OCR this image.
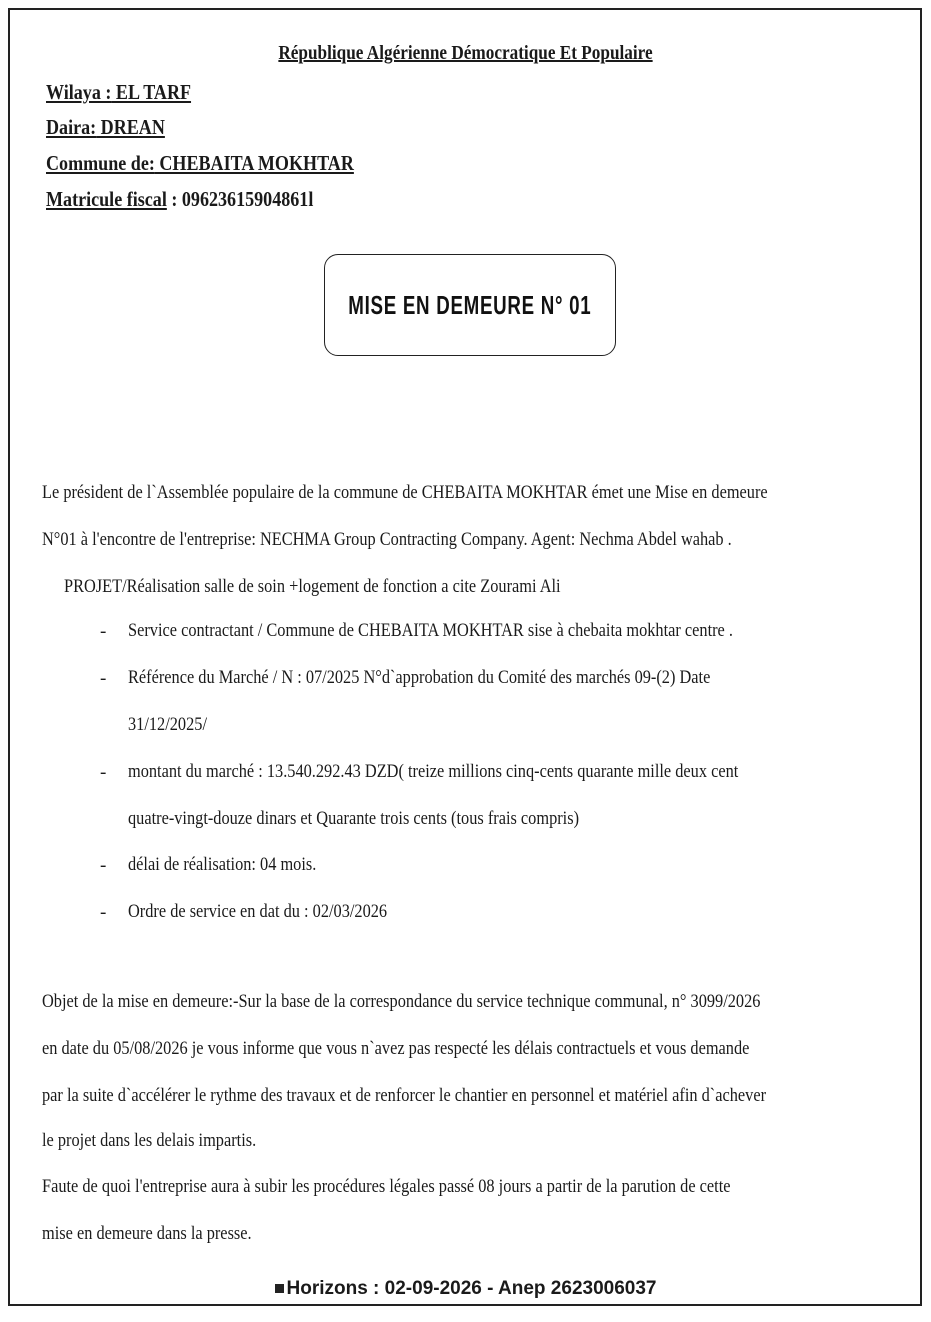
République Algérienne Démocratique Et Populaire
Wilaya : EL TARF
Daira: DREAN
Commune de: CHEBAITA MOKHTAR
Matricule fiscal : 09623615904861l
MISE EN DEMEURE N° 01
Le président de l`Assemblée populaire de la commune de CHEBAITA MOKHTAR émet une Mise en demeure
N°01 à l'encontre de l'entreprise: NECHMA Group Contracting Company. Agent: Nechma Abdel wahab .
PROJET/Réalisation salle de soin +logement de fonction a cite Zourami Ali
- Service contractant / Commune de CHEBAITA MOKHTAR sise à chebaita mokhtar centre .
- Référence du Marché / N : 07/2025 N°d`approbation du Comité des marchés 09-(2) Date
31/12/2025/
- montant du marché : 13.540.292.43 DZD( treize millions cinq-cents quarante mille deux cent
quatre-vingt-douze dinars et Quarante trois cents (tous frais compris)
- délai de réalisation: 04 mois.
- Ordre de service en dat du : 02/03/2026
Objet de la mise en demeure:-Sur la base de la correspondance du service technique communal, n° 3099/2026
en date du 05/08/2026 je vous informe que vous n`avez pas respecté les délais contractuels et vous demande
par la suite d`accélérer le rythme des travaux et de renforcer le chantier en personnel et matériel afin d`achever
le projet dans les delais impartis.
Faute de quoi l'entreprise aura à subir les procédures légales passé 08 jours a partir de la parution de cette
mise en demeure dans la presse.
Horizons : 02-09-2026 - Anep 2623006037
